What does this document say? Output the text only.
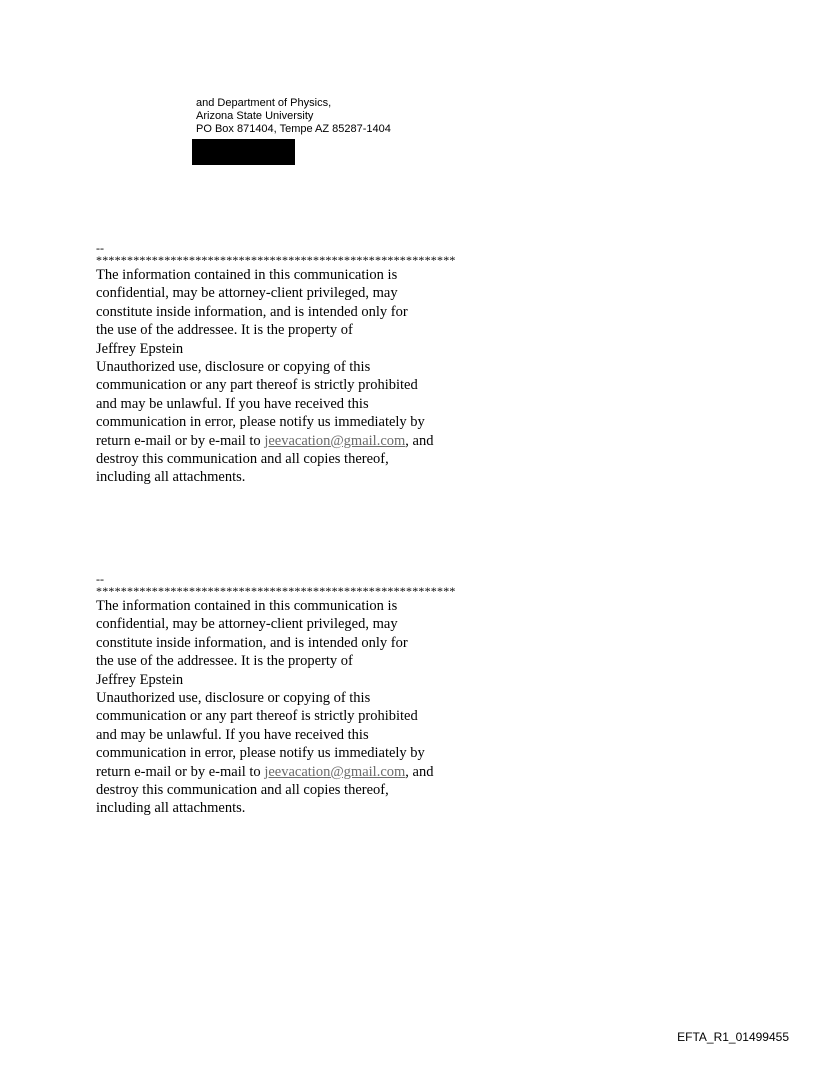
and Department of Physics,
Arizona State University
PO Box 871404, Tempe AZ 85287-1404
--
**********************************************************
The information contained in this communication is
confidential, may be attorney-client privileged, may
constitute inside information, and is intended only for
the use of the addressee. It is the property of
Jeffrey Epstein
Unauthorized use, disclosure or copying of this
communication or any part thereof is strictly prohibited
and may be unlawful. If you have received this
communication in error, please notify us immediately by
return e-mail or by e-mail to jeevacation@gmail.com, and
destroy this communication and all copies thereof,
including all attachments.
--
**********************************************************
The information contained in this communication is
confidential, may be attorney-client privileged, may
constitute inside information, and is intended only for
the use of the addressee. It is the property of
Jeffrey Epstein
Unauthorized use, disclosure or copying of this
communication or any part thereof is strictly prohibited
and may be unlawful. If you have received this
communication in error, please notify us immediately by
return e-mail or by e-mail to jeevacation@gmail.com, and
destroy this communication and all copies thereof,
including all attachments.
EFTA_R1_01499455
